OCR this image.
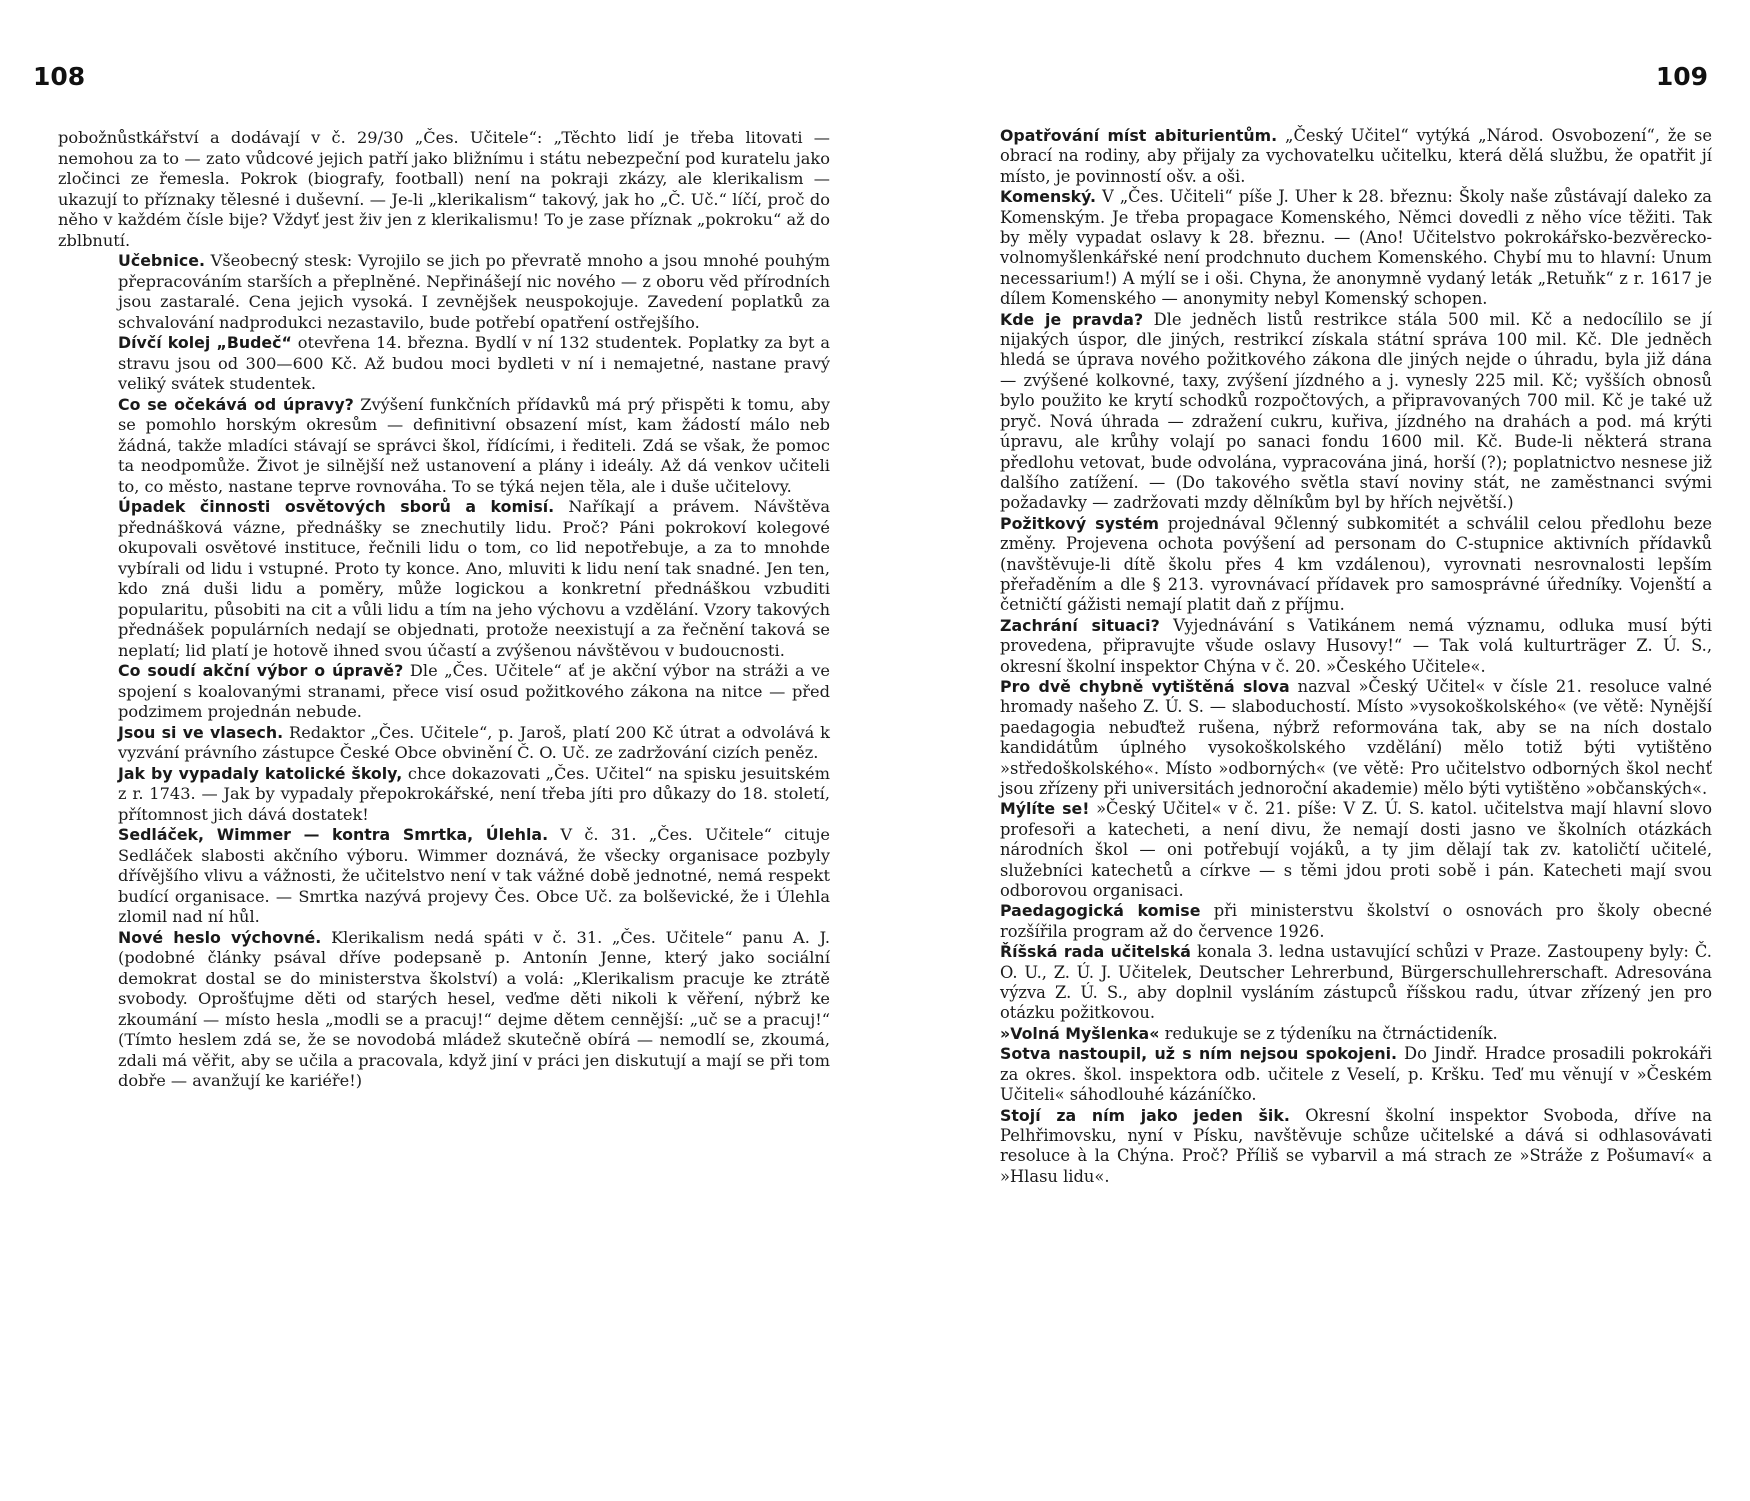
108

pobožnůstkářství a dodávají v č. 29/30 „Čes. Učitele“: „Těchto lidí je třeba litovati — nemohou za to — zato vůdcové jejich patří jako bližnímu i státu nebezpeční pod kuratelu jako zločinci ze řemesla. Pokrok (biografy, football) není na pokraji zkázy, ale klerikalism — ukazují to příznaky tělesné i duševní. — Je-li „klerikalism“ takový, jak ho „Č. Uč.“ líčí, proč do něho v každém čísle bije? Vždyť jest živ jen z klerikalismu! To je zase příznak „pokroku“ až do zblbnutí.

Učebnice. Všeobecný stesk: Vyrojilo se jich po převratě mnoho a jsou mnohé pouhým přepracováním starších a přeplněné. Nepřinášejí nic nového — z oboru věd přírodních jsou zastaralé. Cena jejich vysoká. I zevnějšek neuspokojuje. Zavedení poplatků za schvalování nadprodukci nezastavilo, bude potřebí opatření ostřejšího.

Dívčí kolej „Budeč“ otevřena 14. března. Bydlí v ní 132 studentek. Poplatky za byt a stravu jsou od 300—600 Kč. Až budou moci bydleti v ní i nemajetné, nastane pravý veliký svátek studentek.

Co se očekává od úpravy? Zvýšení funkčních přídavků má prý přispěti k tomu, aby se pomohlo horským okresům — definitivní obsazení míst, kam žádostí málo neb žádná, takže mladíci stávají se správci škol, řídícími, i řediteli. Zdá se však, že pomoc ta neodpomůže. Život je silnější než ustanovení a plány i ideály. Až dá venkov učiteli to, co město, nastane teprve rovnováha. To se týká nejen těla, ale i duše učitelovy.

Úpadek činnosti osvětových sborů a komisí. Naříkají a právem. Návštěva přednášková vázne, přednášky se znechutily lidu. Proč? Páni pokrokoví kolegové okupovali osvětové instituce, řečnili lidu o tom, co lid nepotřebuje, a za to mnohde vybírali od lidu i vstupné. Proto ty konce. Ano, mluviti k lidu není tak snadné. Jen ten, kdo zná duši lidu a poměry, může logickou a konkretní přednáškou vzbuditi popularitu, působiti na cit a vůli lidu a tím na jeho výchovu a vzdělání. Vzory takových přednášek populárních nedají se objednati, protože neexistují a za řečnění taková se neplatí; lid platí je hotově ihned svou účastí a zvýšenou návštěvou v budoucnosti.

Co soudí akční výbor o úpravě? Dle „Čes. Učitele“ ať je akční výbor na stráži a ve spojení s koalovanými stranami, přece visí osud požitkového zákona na nitce — před podzimem projednán nebude.

Jsou si ve vlasech. Redaktor „Čes. Učitele“, p. Jaroš, platí 200 Kč útrat a odvolává k vyzvání právního zástupce České Obce obvinění Č. O. Uč. ze zadržování cizích peněz.

Jak by vypadaly katolické školy, chce dokazovati „Čes. Učitel“ na spisku jesuitském z r. 1743. — Jak by vypadaly přepokrokářské, není třeba jíti pro důkazy do 18. století, přítomnost jich dává dostatek!

Sedláček, Wimmer — kontra Smrtka, Úlehla. V č. 31. „Čes. Učitele“ cituje Sedláček slabosti akčního výboru. Wimmer doznává, že všecky organisace pozbyly dřívějšího vlivu a vážnosti, že učitelstvo není v tak vážné době jednotné, nemá respekt budící organisace. — Smrtka nazývá projevy Čes. Obce Uč. za bolševické, že i Úlehla zlomil nad ní hůl.

Nové heslo výchovné. Klerikalism nedá spáti v č. 31. „Čes. Učitele“ panu A. J. (podobné články psával dříve podepsaně p. Antonín Jenne, který jako sociální demokrat dostal se do ministerstva školství) a volá: „Klerikalism pracuje ke ztrátě svobody. Oprošťujme děti od starých hesel, veďme děti nikoli k věření, nýbrž ke zkoumání — místo hesla „modli se a pracuj!“ dejme dětem cennější: „uč se a pracuj!“ (Tímto heslem zdá se, že se novodobá mládež skutečně obírá — nemodlí se, zkoumá, zdali má věřit, aby se učila a pracovala, když jiní v práci jen diskutují a mají se při tom dobře — avanžují ke kariéře!)

109

Opatřování míst abiturientům. „Český Učitel“ vytýká „Národ. Osvobození“, že se obrací na rodiny, aby přijaly za vychovatelku učitelku, která dělá službu, že opatřit jí místo, je povinností ošv. a oši.

Komenský. V „Čes. Učiteli“ píše J. Uher k 28. březnu: Školy naše zůstávají daleko za Komenským. Je třeba propagace Komenského, Němci dovedli z něho více těžiti. Tak by měly vypadat oslavy k 28. březnu. — (Ano! Učitelstvo pokrokářsko-bezvěrecko-volnomyšlenkářské není prodchnuto duchem Komenského. Chybí mu to hlavní: Unum necessarium!) A mýlí se i oši. Chyna, že anonymně vydaný leták „Retuňk“ z r. 1617 je dílem Komenského — anonymity nebyl Komenský schopen.

Kde je pravda? Dle jedněch listů restrikce stála 500 mil. Kč a nedocílilo se jí nijakých úspor, dle jiných, restrikcí získala státní správa 100 mil. Kč. Dle jedněch hledá se úprava nového požitkového zákona dle jiných nejde o úhradu, byla již dána — zvýšené kolkovné, taxy, zvýšení jízdného a j. vynesly 225 mil. Kč; vyšších obnosů bylo použito ke krytí schodků rozpočtových, a připravovaných 700 mil. Kč je také už pryč. Nová úhrada — zdražení cukru, kuřiva, jízdného na drahách a pod. má krýti úpravu, ale krůhy volají po sanaci fondu 1600 mil. Kč. Bude-li některá strana předlohu vetovat, bude odvolána, vypracována jiná, horší (?); poplatnictvo nesnese již dalšího zatížení. — (Do takového světla staví noviny stát, ne zaměstnanci svými požadavky — zadržovati mzdy dělníkům byl by hřích největší.)

Požitkový systém projednával 9členný subkomitét a schválil celou předlohu beze změny. Projevena ochota povýšení ad personam do C-stupnice aktivních přídavků (navštěvuje-li dítě školu přes 4 km vzdálenou), vyrovnati nesrovnalosti lepším přeřaděním a dle § 213. vyrovnávací přídavek pro samosprávné úředníky. Vojenští a četničtí gážisti nemají platit daň z příjmu.

Zachrání situaci? Vyjednávání s Vatikánem nemá významu, odluka musí býti provedena, připravujte všude oslavy Husovy!“ — Tak volá kulturträger Z. Ú. S., okresní školní inspektor Chýna v č. 20. »Českého Učitele«.

Pro dvě chybně vytištěná slova nazval »Český Učitel« v čísle 21. resoluce valné hromady našeho Z. Ú. S. — slaboduchostí. Místo »vysokoškolského« (ve větě: Nynější paedagogia nebuďtež rušena, nýbrž reformována tak, aby se na ních dostalo kandidátům úplného vysokoškolského vzdělání) mělo totiž býti vytištěno »středoškolského«. Místo »odborných« (ve větě: Pro učitelstvo odborných škol nechť jsou zřízeny při universitách jednoroční akademie) mělo býti vytištěno »občanských«.

Mýlíte se! »Český Učitel« v č. 21. píše: V Z. Ú. S. katol. učitelstva mají hlavní slovo profesoři a katecheti, a není divu, že nemají dosti jasno ve školních otázkách národních škol — oni potřebují vojáků, a ty jim dělají tak zv. katoličtí učitelé, služebníci katechetů a církve — s těmi jdou proti sobě i pán. Katecheti mají svou odborovou organisaci.

Paedagogická komise při ministerstvu školství o osnovách pro školy obecné rozšířila program až do července 1926.

Říšská rada učitelská konala 3. ledna ustavující schůzi v Praze. Zastoupeny byly: Č. O. U., Z. Ú. J. Učitelek, Deutscher Lehrerbund, Bürgerschullehrerschaft. Adresována výzva Z. Ú. S., aby doplnil vysláním zástupců říšskou radu, útvar zřízený jen pro otázku požitkovou.

»Volná Myšlenka« redukuje se z týdeníku na čtrnáctideník.

Sotva nastoupil, už s ním nejsou spokojeni. Do Jindř. Hradce prosadili pokrokáři za okres. škol. inspektora odb. učitele z Veselí, p. Kršku. Teď mu věnují v »Českém Učiteli« sáhodlouhé kázáníčko.

Stojí za ním jako jeden šik. Okresní školní inspektor Svoboda, dříve na Pelhřimovsku, nyní v Písku, navštěvuje schůze učitelské a dává si odhlasovávati resoluce à la Chýna. Proč? Příliš se vybarvil a má strach ze »Stráže z Pošumaví« a »Hlasu lidu«.
